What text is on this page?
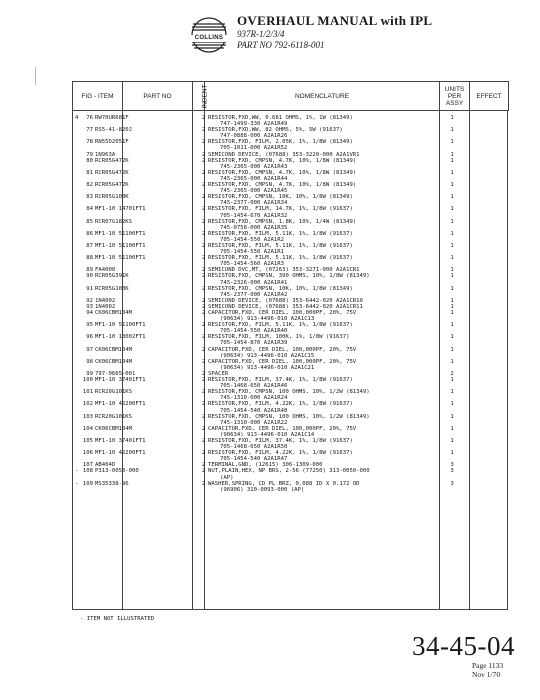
COLLINS
OVERHAUL MANUAL with IPL
937R-1/2/3/4
PART NO 792-6118-001
FIG - ITEM	PART NO	INDENT	NOMENCLATURE	UNITS PER ASSY	EFFECT
4	76 RW70UR681F	2 RESISTOR,FXD,WW, 0.681 OHMS, 1%, 1W (81349)	1
747-1499-330 A2A1R49
77 RS5-41-820J	2 RESISTOR,FXD,WW, 82 OHMS, 5%, 5W (91637)	1
747-0888-000 A2A1R26
78 RN55D2051F	2 RESISTOR,FXD, FILM, 2.05K, 1%, 1/8W (81349)	1
705-1011-000 A2A1R52
79 1N963A	2 SEMICOND DEVICE, (07688) 353-3220-000 A2A1VR1	1
80 RCR05G472K	2 RESISTOR,FXD, CMPSN, 4.7K, 10%, 1/8W (81349)	1
745-2365-000 A2A1R43
81 RCR05G472K	2 RESISTOR,FXD, CMPSN, 4.7K, 10%, 1/8W (81349)	1
745-2365-000 A2A1R44
82 RCR05G472K	2 RESISTOR,FXD, CMPSN, 4.7K, 10%, 1/8W (81349)	1
745-2365-000 A2A1R45
83 RCR05G103K	2 RESISTOR,FXD, CMPSN, 10K, 10%, 1/8W (81349)	1
745-2377-000 A2A1R34
84 MF1-10 14701FT1	2 RESISTOR,FXD, FILM, 14.7K, 1%, 1/8W (91637)	1
705-1454-670 A2A1R32
85 RCR07G182KS	2 RESISTOR,FXD, CMPSN, 1.8K, 10%, 1/4W (81349)	1
745-0758-000 A2A1R35
86 MF1-10 51100FT1	2 RESISTOR,FXD, FILM, 5.11K, 1%, 1/8W (91637)	1
705-1454-550 A2A1R2
87 MF1-10 51100FT1	2 RESISTOR,FXD, FILM, 5.11K, 1%, 1/8W (91637)	1
705-1454-550 A2A1R1
88 MF1-10 51100FT1	2 RESISTOR,FXD, FILM, 5.11K, 1%, 1/8W (91637)	1
705-1454-560 A2A1R3
89 FA4000	2 SEMICOND DVC,MT, (07263) 353-3271-000 A2A1CR1	1
90 RCR05G391K	2 RESISTOR,FXD, CMPSN, 390 OHMS, 10%, 1/8W (81349)	1
745-2326-000 A2A1R41
91 RCR05G103K	2 RESISTOR,FXD, CMPSN, 10K, 10%, 1/8W (81349)	1
745-2377-000 A2A1R42
92 1N4002	2 SEMICOND DEVICE, (07688) 353-6442-020 A2A1CR10	1
93 1N4002	2 SEMICOND DEVICE, (07688) 353-6442-020 A2A1CR11	1
94 CK06CBM104M	2 CAPACITOR,FXD, CER DIEL, 100,000PF, 20%, 75V	1
(90634) 913-4496-010 A2A1C13
95 MF1-10 51100FT1	2 RESISTOR,FXD, FILM, 5.11K, 1%, 1/8W (91637)	1
705-1454-550 A2A1R40
96 MF1-10 10002FT1	2 RESISTOR,FXD, FILM, 100K, 1%, 1/8W (91637)	1
705-1454-870 A2A1R39
97 CK06CBM104M	2 CAPACITOR,FXD, CER DIEL, 100,000PF, 20%, 75V	1
(90634) 913-4496-010 A2A1C15
98 CK06CBM104M	2 CAPACITOR,FXD, CER DIEL, 100,000PF, 20%, 75V	1
(90634) 913-4496-010 A2A1C21
99 797-0665-001	2 SPACER	2
100 MF1-10 37401FT1	2 RESISTOR,FXD, FILM, 37.4K, 1%, 1/8W (91637)	1
705-1468-650 A2A1R46
101 RCR20G101KS	2 RESISTOR,FXD, CMPSN, 100 OHMS, 10%, 1/2W (81349)	1
745-1310-000 A2A1R24
102 MF1-10 42200FT1	2 RESISTOR,FXD, FILM, 4.22K, 1%, 1/8W (91637)	1
705-1454-540 A2A1R48
103 RCR20G101KS	2 RESISTOR,FXD, CMPSN, 100 OHMS, 10%, 1/2W (81349)	1
745-1310-000 A2A1R22
104 CK06CBM104M	2 CAPACITOR,FXD, CER DIEL, 100,000PF, 20%, 75V	1
(90634) 913-4496-010 A2A1C14
105 MF1-10 37401FT1	2 RESISTOR,FXD, FILM, 37.4K, 1%, 1/8W (91637)	1
705-1468-650 A2A1R50
106 MF1-10 42200FT1	2 RESISTOR,FXD, FILM, 4.22K, 1%, 1/8W (91637)	1
705-1454-540 A2A1R47
107 AB404D	2 TERMINAL,GND, (12615) 306-1309-000	3
- 108 P313-0050-000	2 NUT,PLAIN,HEX, NP BRS, 2-56 (77250) 313-0050-000	3
(AP)
- 109 MS35338-96	2 WASHER,SPRING, CD PL BRZ, 0.088 ID X 0.172 OD	3
(96906) 310-0093-000 (AP)
- ITEM NOT ILLUSTRATED
34-45-04
Page 1133
Nov 1/70
